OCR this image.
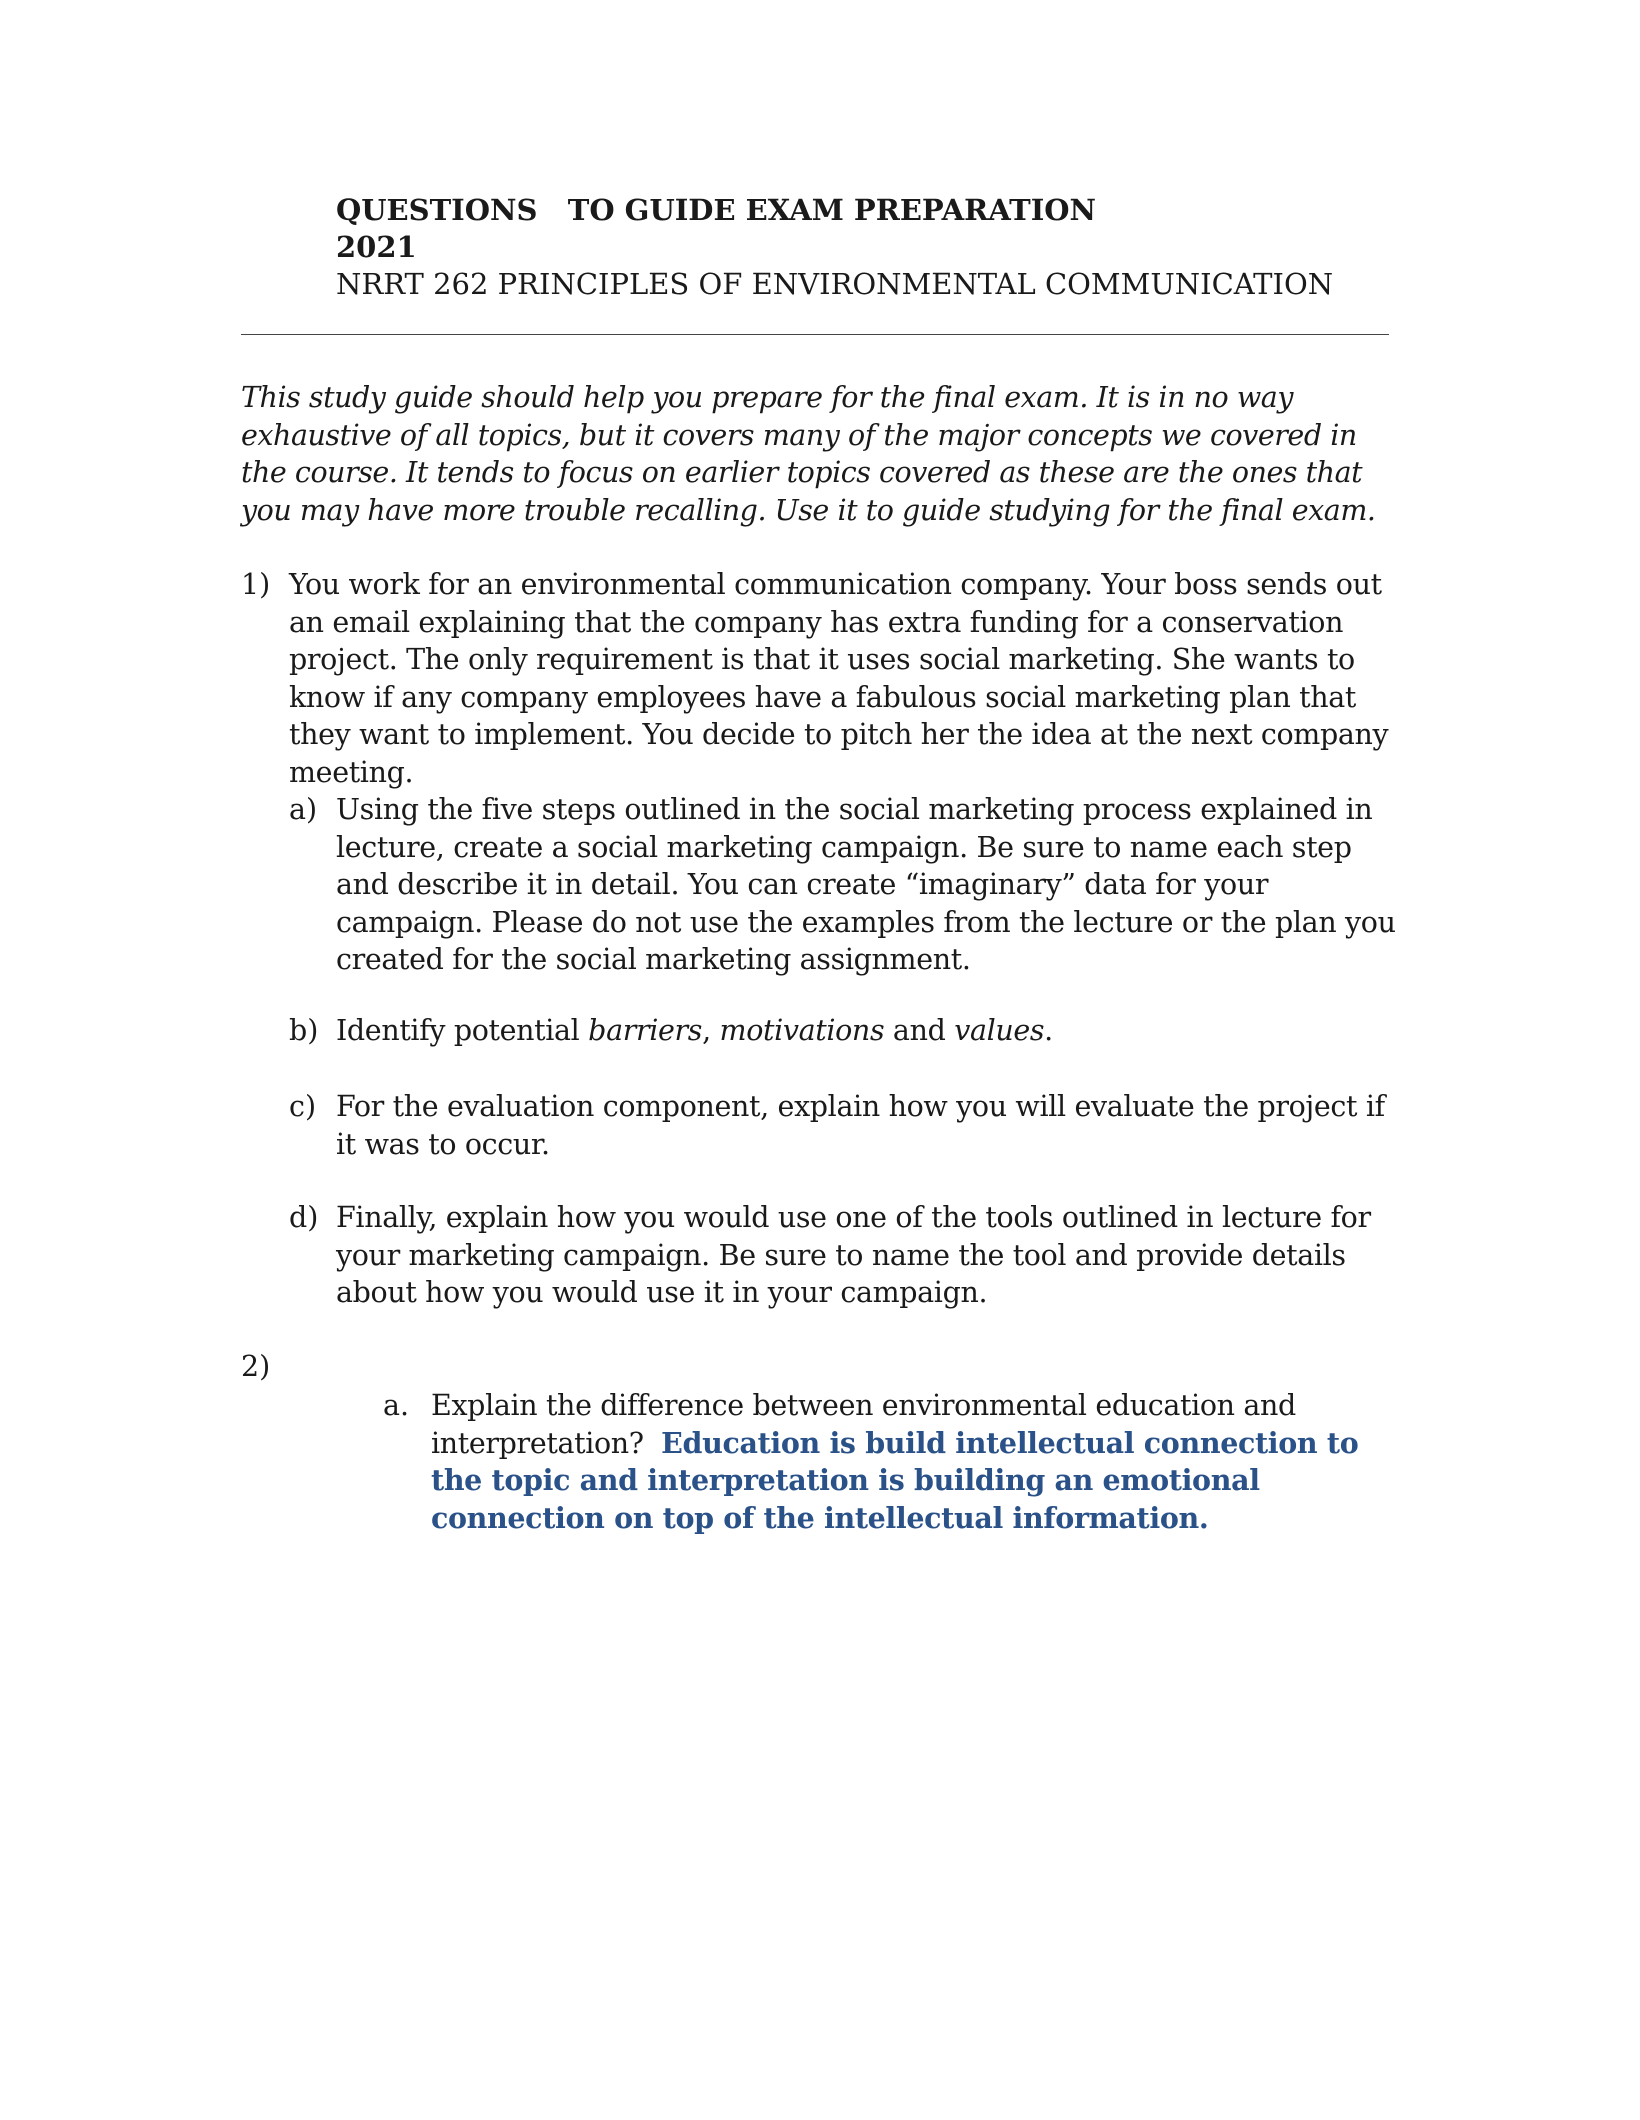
QUESTIONS   TO GUIDE EXAM PREPARATION

2021

NRRT 262 PRINCIPLES OF ENVIRONMENTAL COMMUNICATION

This study guide should help you prepare for the final exam. It is in no way exhaustive of all topics, but it covers many of the major concepts we covered in the course. It tends to focus on earlier topics covered as these are the ones that you may have more trouble recalling. Use it to guide studying for the final exam.

1) You work for an environmental communication company. Your boss sends out an email explaining that the company has extra funding for a conservation project. The only requirement is that it uses social marketing. She wants to know if any company employees have a fabulous social marketing plan that they want to implement. You decide to pitch her the idea at the next company meeting.

a) Using the five steps outlined in the social marketing process explained in lecture, create a social marketing campaign. Be sure to name each step and describe it in detail. You can create “imaginary” data for your campaign. Please do not use the examples from the lecture or the plan you created for the social marketing assignment.

b) Identify potential barriers, motivations and values.

c) For the evaluation component, explain how you will evaluate the project if it was to occur.

d) Finally, explain how you would use one of the tools outlined in lecture for your marketing campaign. Be sure to name the tool and provide details about how you would use it in your campaign.

2)
a. Explain the difference between environmental education and interpretation?  Education is build intellectual connection to the topic and interpretation is building an emotional connection on top of the intellectual information.
